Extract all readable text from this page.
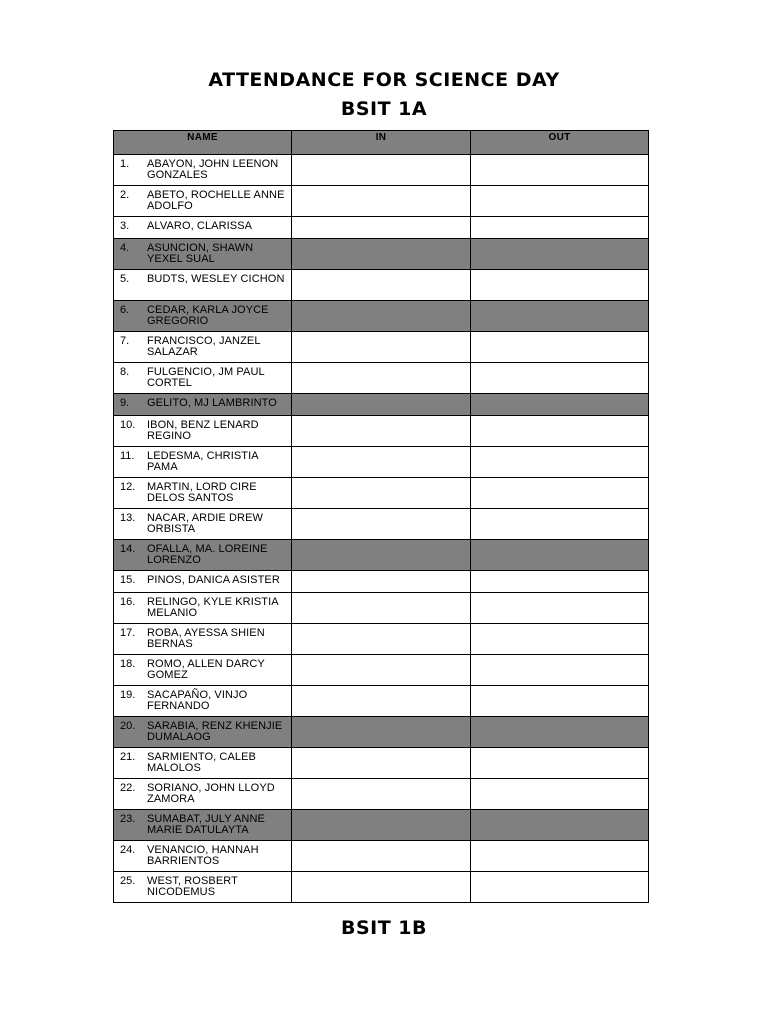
ATTENDANCE FOR SCIENCE DAY
BSIT 1A
NAME	IN	OUT

1. ABAYON, JOHN LEENON GONZALES		

2. ABETO, ROCHELLE ANNE ADOLFO		

3. ALVARO, CLARISSA		

4. ASUNCION, SHAWN YEXEL SUAL		

5. BUDTS, WESLEY CICHON		

6. CEDAR, KARLA JOYCE GREGORIO		

7. FRANCISCO, JANZEL SALAZAR		

8. FULGENCIO, JM PAUL CORTEL		

9. GELITO, MJ LAMBRINTO		

10. IBON, BENZ LENARD REGINO		

11. LEDESMA, CHRISTIA PAMA		

12. MARTIN, LORD CIRE DELOS SANTOS		

13. NACAR, ARDIE DREW ORBISTA		

14. OFALLA, MA. LOREINE LORENZO		

15. PINOS, DANICA ASISTER		

16. RELINGO, KYLE KRISTIA MELANIO		

17. ROBA, AYESSA SHIEN BERNAS		

18. ROMO, ALLEN DARCY GOMEZ		

19. SACAPAÑO, VINJO FERNANDO		

20. SARABIA, RENZ KHENJIE DUMALAOG		

21. SARMIENTO, CALEB MALOLOS		

22. SORIANO, JOHN LLOYD ZAMORA		

23. SUMABAT, JULY ANNE MARIE DATULAYTA		

24. VENANCIO, HANNAH BARRIENTOS		

25. WEST, ROSBERT NICODEMUS		

BSIT 1B
